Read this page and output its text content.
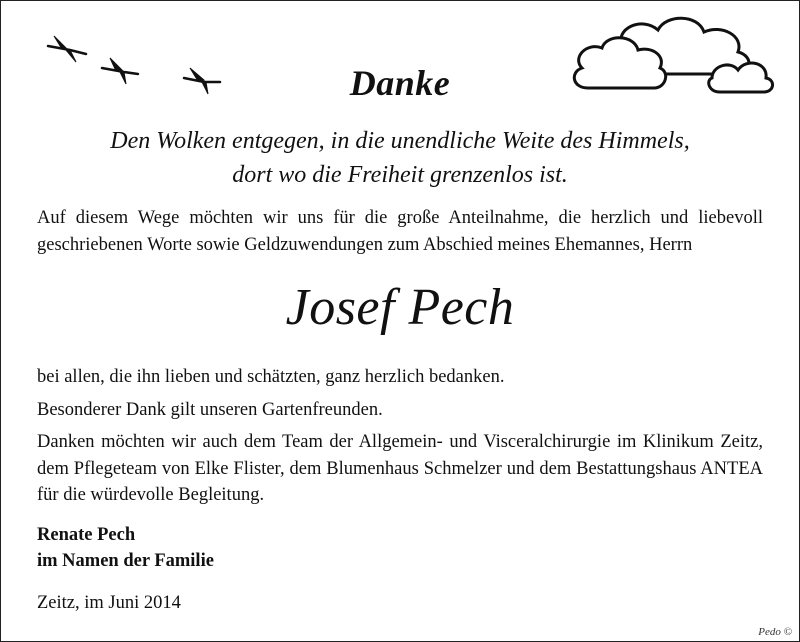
Danke
Den Wolken entgegen, in die unendliche Weite des Himmels,
dort wo die Freiheit grenzenlos ist.
Auf diesem Wege möchten wir uns für die große Anteilnahme, die herzlich und liebevoll geschriebenen Worte sowie Geldzuwendungen zum Abschied meines Ehemannes, Herrn
Josef Pech
bei allen, die ihn lieben und schätzten, ganz herzlich bedanken.
Besonderer Dank gilt unseren Gartenfreunden.
Danken möchten wir auch dem Team der Allgemein- und Visceralchirurgie im Klinikum Zeitz, dem Pflegeteam von Elke Flister, dem Blumenhaus Schmelzer und dem Bestattungshaus ANTEA für die würdevolle Begleitung.
Renate Pech
im Namen der Familie
Zeitz, im Juni 2014
Pedo ©
